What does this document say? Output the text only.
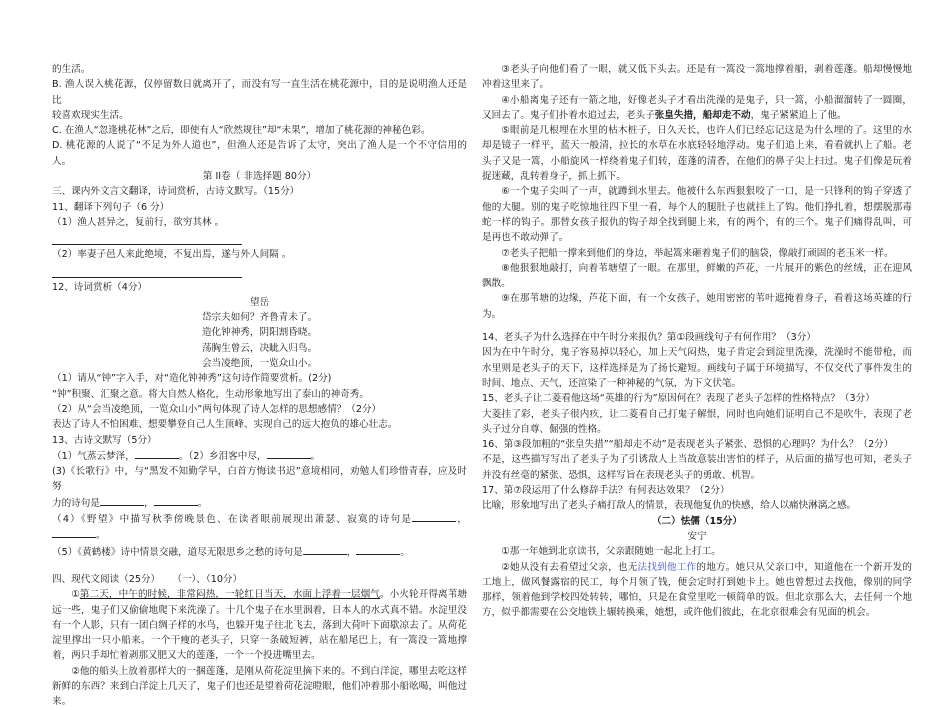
的生活。

B. 渔人误入桃花源，仅停留数日就离开了，而没有写一直生活在桃花源中，目的是说明渔人还是比
较喜欢现实生活。

C. 在渔人“忽逢桃花林”之后，即使有人“欣然规往”却“未果”，增加了桃花源的神秘色彩。

D. 桃花源的人说了“不足为外人道也”，但渔人还是告诉了太守，突出了渔人是一个不守信用的人。

第 II卷（ 非选择题 80分）

三、课内外文言文翻译，诗词赏析，古诗文默写。（15分）

11、翻译下列句子（6 分）

（1）渔人甚异之，复前行，欲穷其林 。

（2）率妻子邑人来此绝境，不复出焉，遂与外人间隔 。

12、诗词赏析（4分）

望岳

岱宗夫如何？齐鲁青未了。

造化钟神秀，阴阳割昏晓。

荡胸生曾云，决眦入归鸟。

会当凌绝顶，一览众山小。

（1）请从“钟”字入手，对“造化钟神秀”这句诗作简要赏析。(2分)

“钟”积聚、汇聚之意。将大自然人格化，生动形象地写出了泰山的神奇秀。

（2）从“会当凌绝顶，一览众山小”两句体现了诗人怎样的思想感情？（2分）

表达了诗人不怕困难、想要攀登自己人生顶峰、实现自己的远大抱负的雄心壮志。

13、古诗文默写（5分）

（1）气蒸云梦泽，	。（2）乡泪客中尽，	。

(3)《长歌行》中，与“黑发不知勤学早，白首方悔读书迟”意境相同，劝勉人们珍惜青春，应及时努
力的诗句是	，	。

（4）《野望》中描写秋季傍晚景色、在读者眼前展现出萧瑟、寂寞的诗句是	，。

（5）《黄鹤楼》诗中情景交融，道尽无限思乡之愁的诗句是	，	。

四、现代文阅读（25分） （一）、（10分）

①第二天，中午的时候，非常闷热，一轮红日当天，水面上浮着一层烟气。小火轮开得离苇塘远一些，鬼子们又偷偷地爬下来洗澡了。十几个鬼子在水里洇着，日本人的水式真不错。水淀里没有一个人影，只有一团白绸子样的水鸟，也躲开鬼子往北飞去，落到大荷叶下面歇凉去了。从荷花淀里撑出一只小船来。一个干瘦的老头子，只穿一条破短裤，站在船尾巴上，有一篙没一篙地撑着，两只手却忙着剥那又肥又大的莲蓬，一个一个投进嘴里去。

②他的船头上放着那样大的一捆莲蓬，是刚从荷花淀里摘下来的。不到白洋淀，哪里去吃这样新鲜的东西？来到白洋淀上几天了，鬼子们也还是望着荷花淀瞪眼，他们冲着那小船吆喝，叫他过来。

③老头子向他们看了一眼，就又低下头去。还是有一篙没一篙地撑着船，剥着莲蓬。船却慢慢地冲着这里来了。

④小船离鬼子还有一箭之地，好像老头子才看出洗澡的是鬼子，只一篙，小船溜溜转了一圆圈，又回去了。鬼子们扑着水追过去，老头子张皇失措，船却走不动，鬼子紧紧追上了他。

⑤眼前是几根埋在水里的枯木桩子，日久天长，也许人们已经忘记这是为什么埋的了。这里的水却是镜子一样平，蓝天一般清，拉长的水草在水底轻轻地浮动。鬼子们追上来，看看就扒上了船。老头子又是一篙，小船旋风一样绕着鬼子们转，莲蓬的清香，在他们的鼻子尖上扫过。鬼子们像是玩着捉迷藏，乱转着身子，抓上抓下。

⑥一个鬼子尖叫了一声，就蹲到水里去。他被什么东西狠狠咬了一口，是一只锋利的钩子穿透了他的大腿。别的鬼子吃惊地往四下里一看，每个人的腿肚子也就挂上了钩。他们挣扎着，想摆脱那毒蛇一样的钩子。那替女孩子报仇的钩子却全找到腿上来，有的两个，有的三个。鬼子们痛得乱叫，可是再也不敢动弹了。

⑦老头子把船一撑来到他们的身边，举起篙来砸着鬼子们的脑袋，像敲打顽固的老玉米一样。

⑧他狠狠地敲打，向着苇塘望了一眼。在那里，鲜嫩的芦花，一片展开的紫色的丝绒，正在迎风飘散。

⑨在那苇塘的边缘，芦花下面，有一个女孩子，她用密密的苇叶遮掩着身子，看着这场英雄的行为。

14、老头子为什么选择在中午时分来报仇？第①段画线句子有何作用？（3分）

因为在中午时分，鬼子容易掉以轻心，加上天气闷热，鬼子肯定会到淀里洗澡，洗澡时不能带枪，而水里则是老头子的天下，这样选择是为了扬长避短。画线句子属于环境描写，不仅交代了事件发生的时间、地点、天气，还渲染了一种神秘的气氛，为下文伏笔。

15、老头子让二菱看他这场“英雄的行为”原因何在？表现了老头子怎样的性格特点？（3分）

大菱挂了彩，老头子很内疚，让二菱看自己打鬼子解恨，同时也向她们证明自己不是吹牛，表现了老头子过分自尊、倔强的性格。

16、第③段加粗的“张皇失措”“船却走不动”是表现老头子紧张、恐惧的心理吗？为什么？（2分）

不是，这些描写写出了老头子为了引诱敌人上当故意装出害怕的样子，从后面的描写也可知，老头子并没有丝毫的紧张、恐惧，这样写旨在表现老头子的勇敢、机智。

17、第⑦段运用了什么修辞手法？有何表达效果？（2分）

比喻，形象地写出了老头子痛打敌人的情景，表现他复仇的快感，给人以痛快淋漓之感。

（二）怯儒（15分）

安宁

①那一年她到北京读书，父亲跟随她一起北上打工。

②她从没有去看望过父亲，也无法找到他工作的地方。她只从父亲口中，知道他在一个新开发的工地上，做风餐露宿的民工，每个月领了钱，便会定时打到她卡上。她也曾想过去找他，像别的同学那样，领着他到学校四处转转，哪怕，只是在食堂里吃一顿简单的饭。但北京那么大，去任何一个地方，似乎都需要在公交地铁上辗转换乘，她想，或许他们彼此，在北京很难会有见面的机会。
